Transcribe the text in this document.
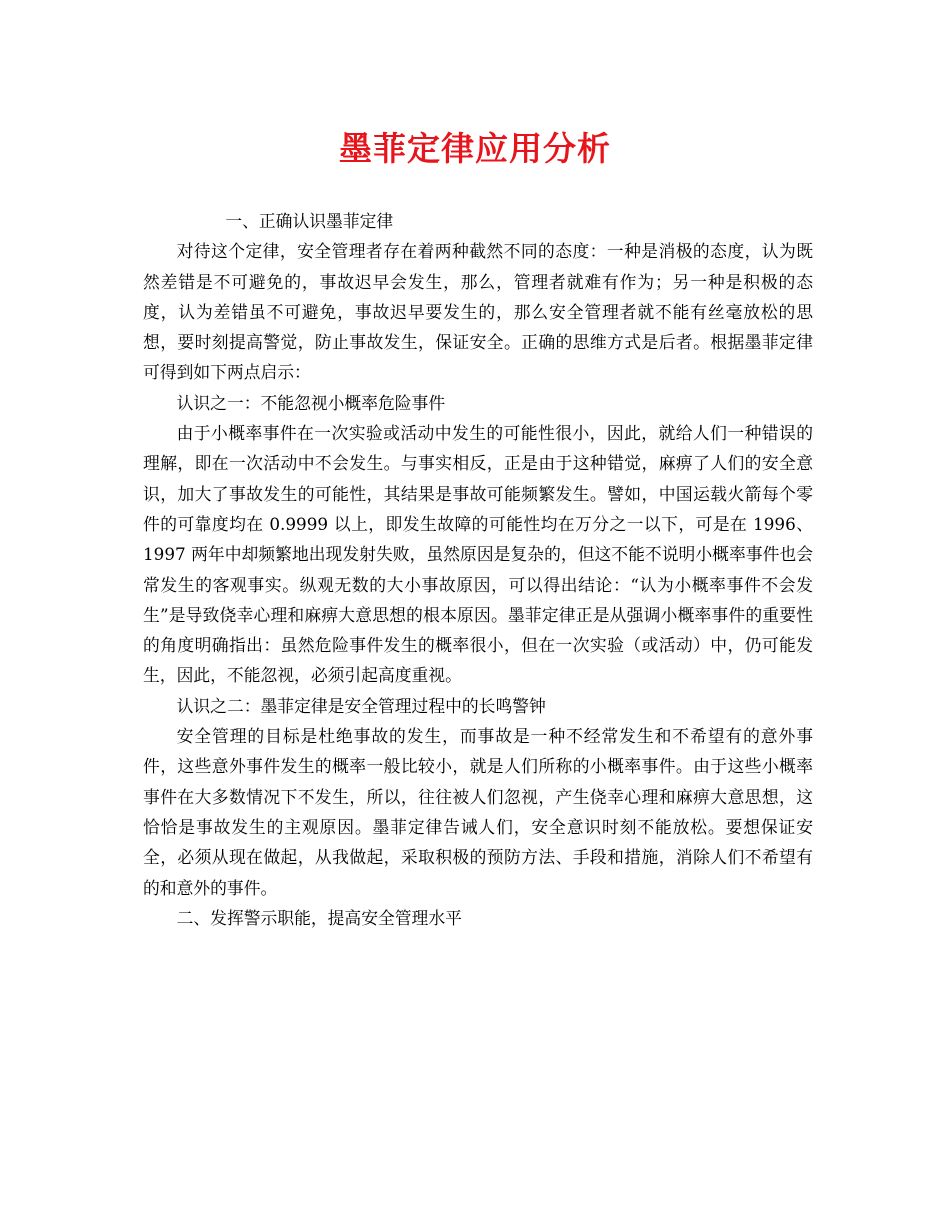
墨菲定律应用分析

一、正确认识墨菲定律

对待这个定律，安全管理者存在着两种截然不同的态度：一种是消极的态度，认为既然差错是不可避免的，事故迟早会发生，那么，管理者就难有作为；另一种是积极的态度，认为差错虽不可避免，事故迟早要发生的，那么安全管理者就不能有丝毫放松的思想，要时刻提高警觉，防止事故发生，保证安全。正确的思维方式是后者。根据墨菲定律可得到如下两点启示：

认识之一：不能忽视小概率危险事件

由于小概率事件在一次实验或活动中发生的可能性很小，因此，就给人们一种错误的理解，即在一次活动中不会发生。与事实相反，正是由于这种错觉，麻痹了人们的安全意识，加大了事故发生的可能性，其结果是事故可能频繁发生。譬如，中国运载火箭每个零件的可靠度均在 0.9999 以上，即发生故障的可能性均在万分之一以下，可是在 1996、1997 两年中却频繁地出现发射失败，虽然原因是复杂的，但这不能不说明小概率事件也会常发生的客观事实。纵观无数的大小事故原因，可以得出结论：“认为小概率事件不会发生”是导致侥幸心理和麻痹大意思想的根本原因。墨菲定律正是从强调小概率事件的重要性的角度明确指出：虽然危险事件发生的概率很小，但在一次实验（或活动）中，仍可能发生，因此，不能忽视，必须引起高度重视。

认识之二：墨菲定律是安全管理过程中的长鸣警钟

安全管理的目标是杜绝事故的发生，而事故是一种不经常发生和不希望有的意外事件，这些意外事件发生的概率一般比较小，就是人们所称的小概率事件。由于这些小概率事件在大多数情况下不发生，所以，往往被人们忽视，产生侥幸心理和麻痹大意思想，这恰恰是事故发生的主观原因。墨菲定律告诫人们，安全意识时刻不能放松。要想保证安全，必须从现在做起，从我做起，采取积极的预防方法、手段和措施，消除人们不希望有的和意外的事件。

二、发挥警示职能，提高安全管理水平
